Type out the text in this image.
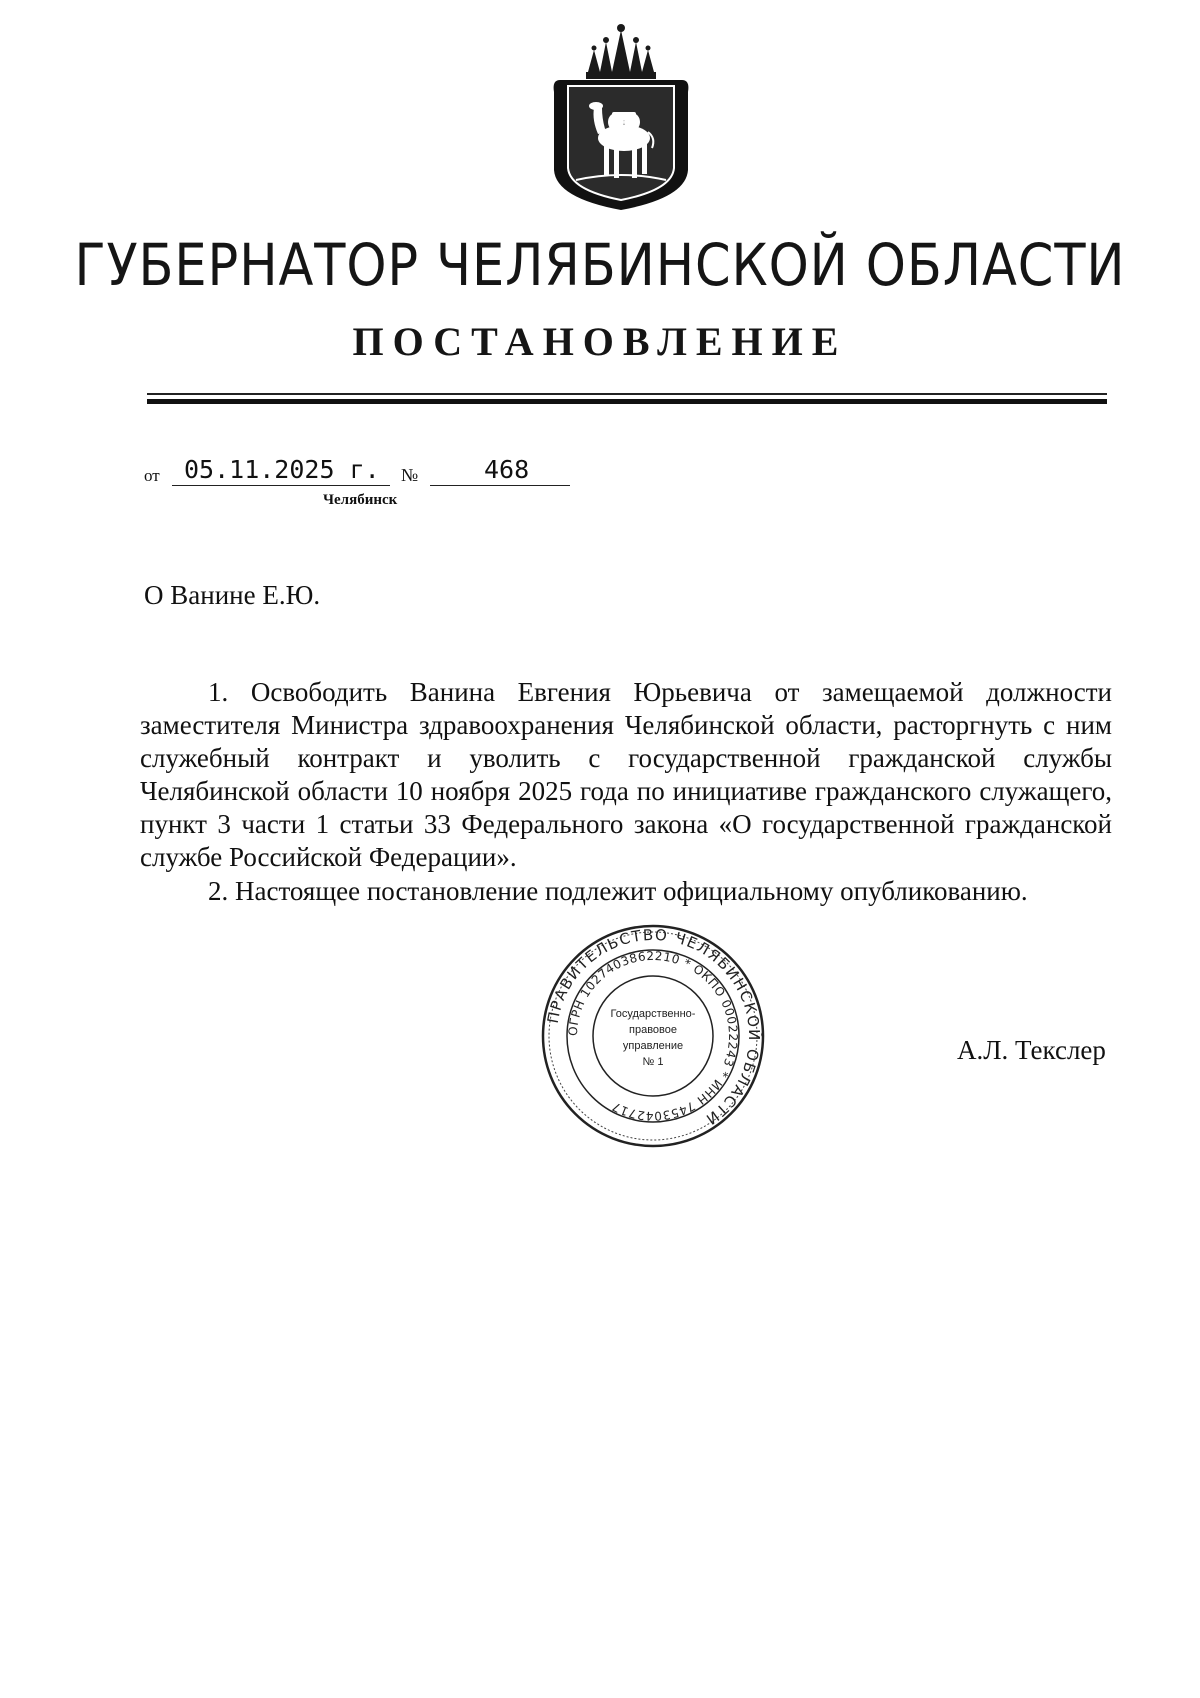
ГУБЕРНАТОР ЧЕЛЯБИНСКОЙ ОБЛАСТИ
ПОСТАНОВЛЕНИЕ
от 05.11.2025 г. №	468
Челябинск
О Ванине Е.Ю.
1. Освободить Ванина Евгения Юрьевича от замещаемой должности заместителя Министра здравоохранения Челябинской области, расторгнуть с ним служебный контракт и уволить с государственной гражданской службы Челябинской области 10 ноября 2025 года по инициативе гражданского служащего, пункт 3 части 1 статьи 33 Федерального закона «О государственной гражданской службе Российской Федерации».
2. Настоящее постановление подлежит официальному опубликованию.
ПРАВИТЕЛЬСТВО ЧЕЛЯБИНСКОЙ ОБЛАСТИ
ОГРН 1027403862210 * ОКПО 00022243 * ИНН 7453042717
Государственно-
правовое
управление
№ 1	А.Л. Текслер
